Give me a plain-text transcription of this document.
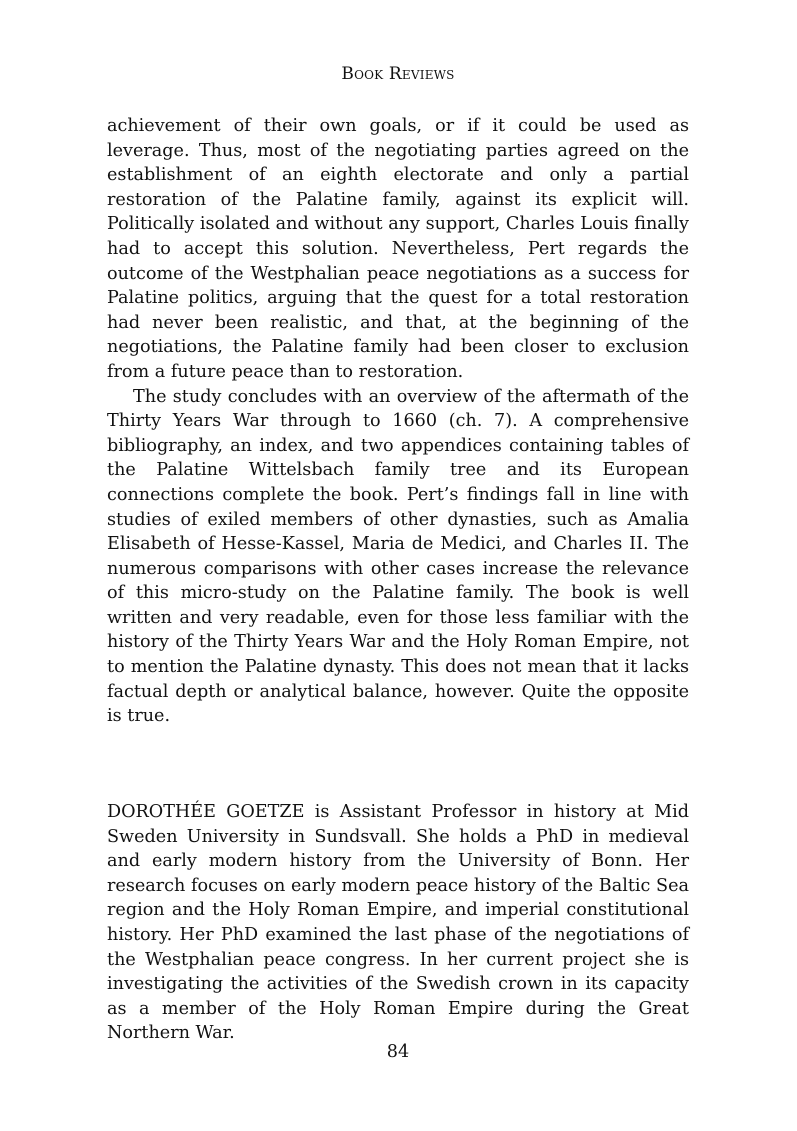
Book Reviews

achievement of their own goals, or if it could be used as leverage. Thus, most of the negotiating parties agreed on the establishment of an eighth electorate and only a partial restoration of the Palatine family, against its explicit will. Politically isolated and without any support, Charles Louis finally had to accept this solution. Nevertheless, Pert regards the outcome of the Westphalian peace negotiations as a success for Palatine politics, arguing that the quest for a total restoration had never been realistic, and that, at the beginning of the negotiations, the Palatine family had been closer to exclusion from a future peace than to restoration.

The study concludes with an overview of the aftermath of the Thirty Years War through to 1660 (ch. 7). A comprehensive bibliography, an index, and two appendices containing tables of the Palatine Wittelsbach family tree and its European connections complete the book. Pert’s findings fall in line with studies of exiled members of other dynasties, such as Amalia Elisabeth of Hesse-Kassel, Maria de Medici, and Charles II. The numerous comparisons with other cases increase the relevance of this micro-study on the Palatine family. The book is well written and very readable, even for those less familiar with the history of the Thirty Years War and the Holy Roman Empire, not to mention the Palatine dynasty. This does not mean that it lacks factual depth or analytical balance, however. Quite the opposite is true.

DOROTHÉE GOETZE is Assistant Professor in history at Mid Sweden University in Sundsvall. She holds a PhD in medieval and early modern history from the University of Bonn. Her research focuses on early modern peace history of the Baltic Sea region and the Holy Roman Empire, and imperial constitutional history. Her PhD examined the last phase of the negotiations of the Westphalian peace congress. In her current project she is investigating the activities of the Swedish crown in its capacity as a member of the Holy Roman Empire during the Great Northern War.

84
